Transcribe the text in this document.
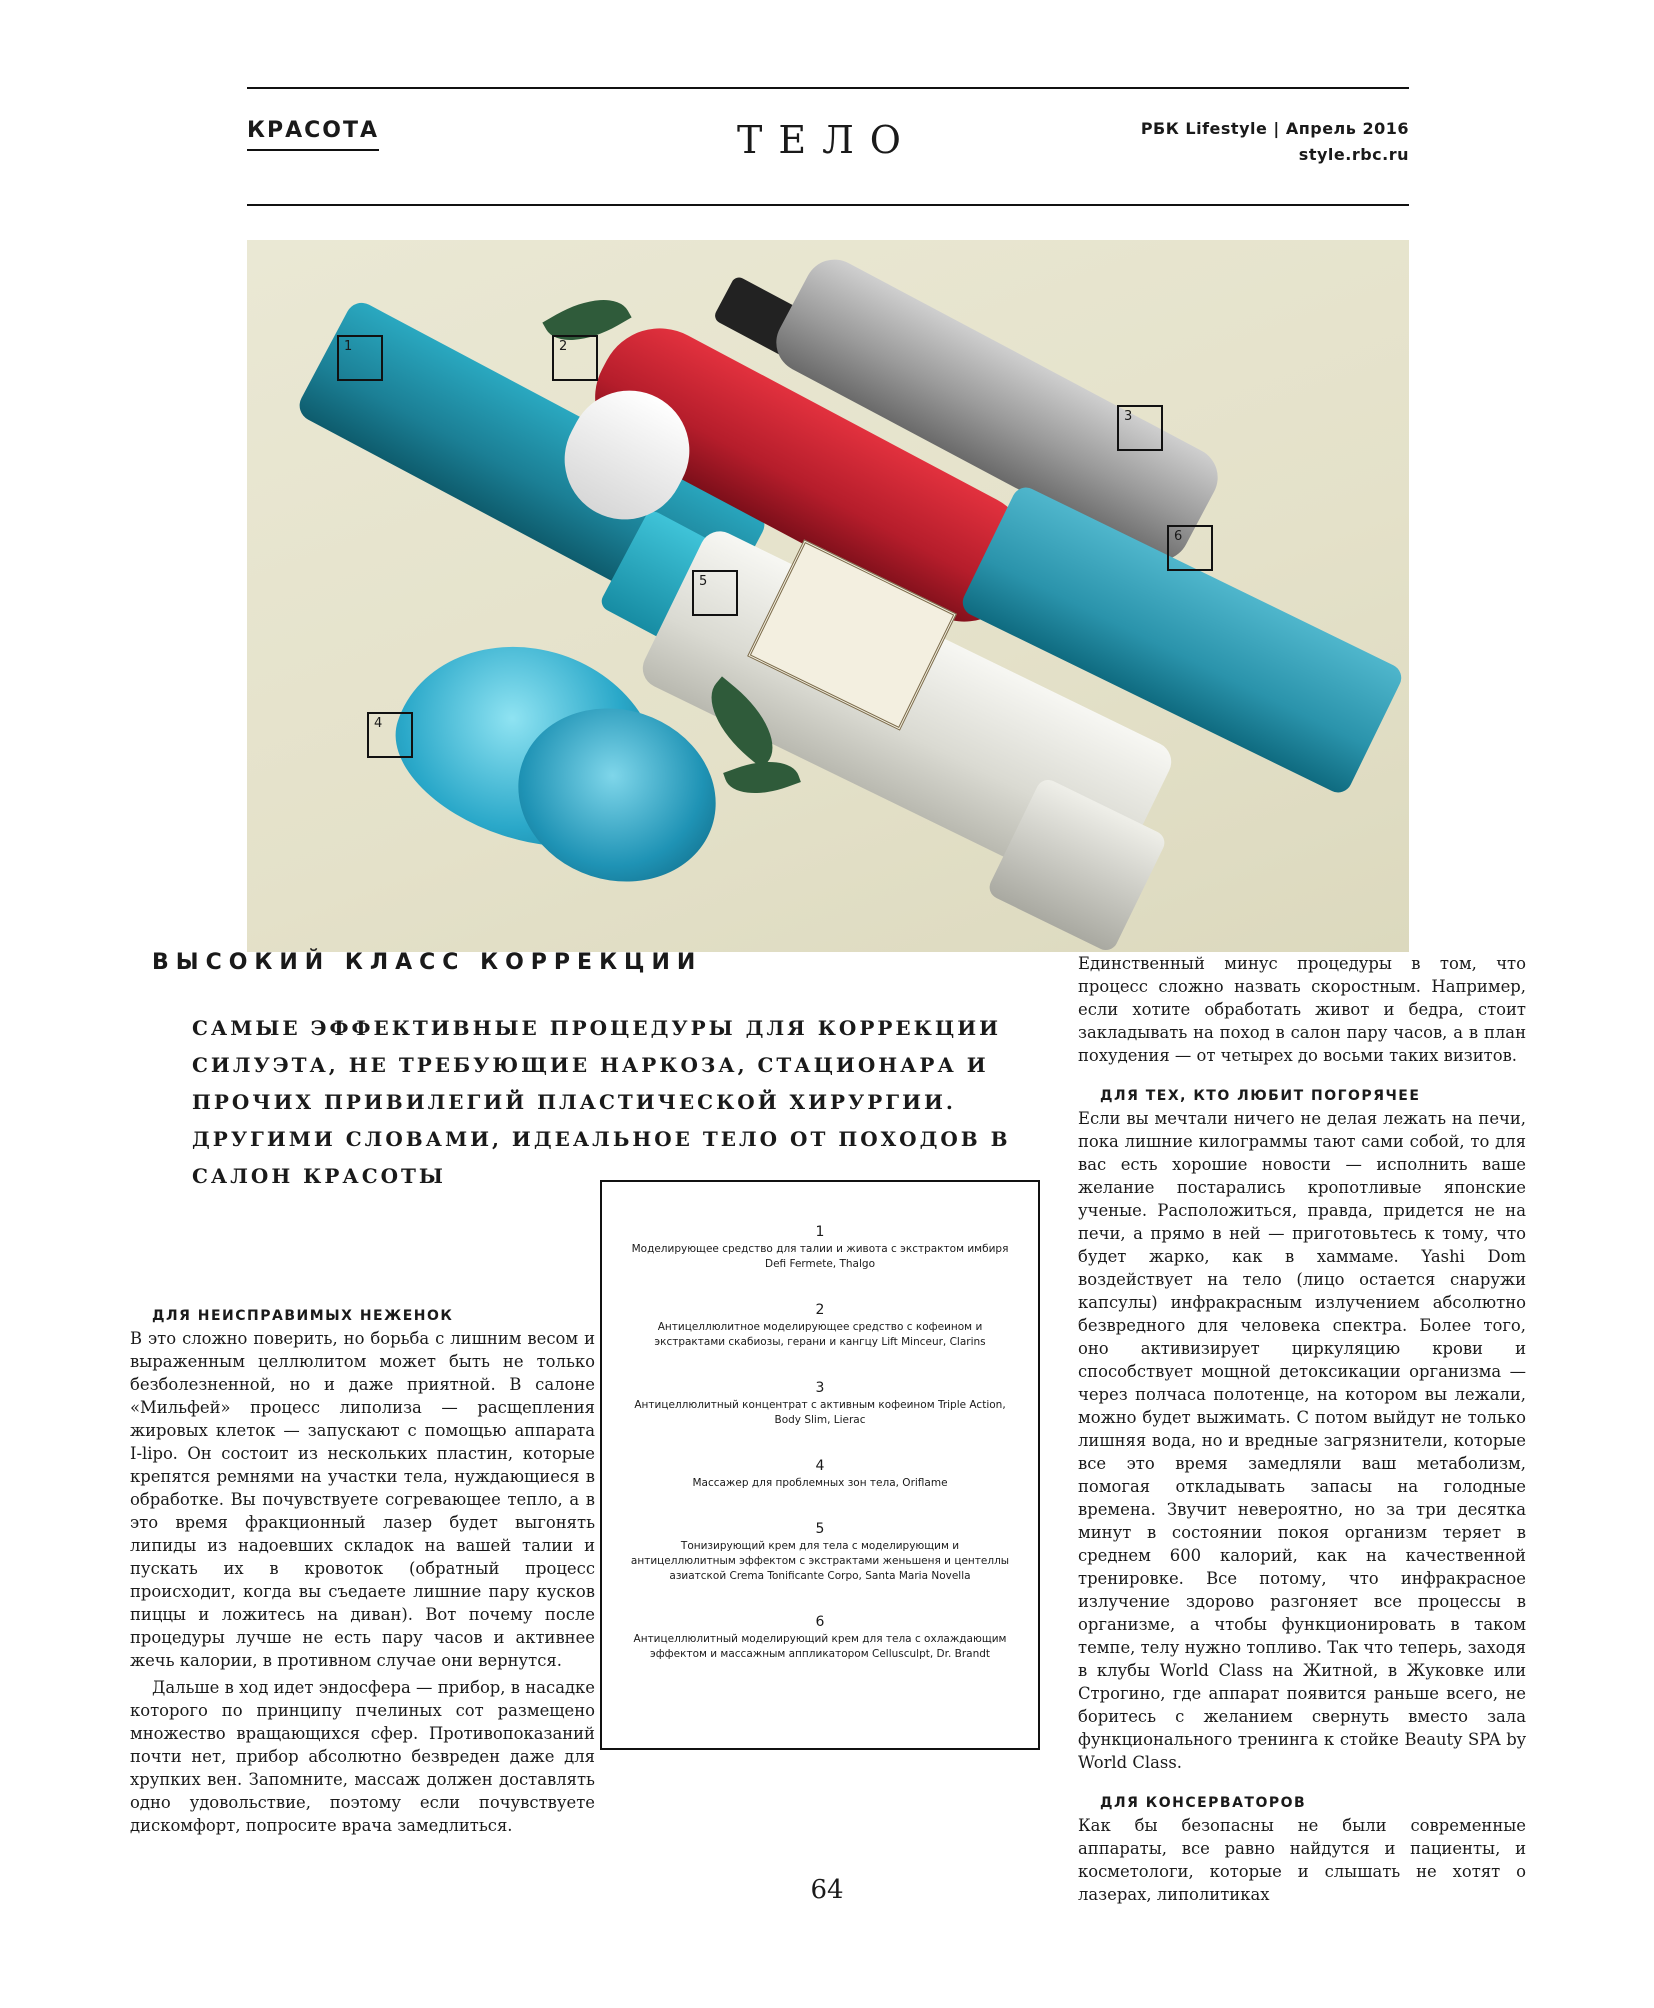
КРАСОТА	ТЕЛО	РБК Lifestyle | Апрель 2016
style.rbc.ru
1	2
3
4
5
6
ВЫСОКИЙ КЛАСС КОРРЕКЦИИ
САМЫЕ ЭФФЕКТИВНЫЕ ПРОЦЕДУРЫ ДЛЯ КОРРЕКЦИИ СИЛУЭТА, НЕ ТРЕБУЮЩИЕ НАРКОЗА, СТАЦИОНАРА И ПРОЧИХ ПРИВИЛЕГИЙ ПЛАСТИЧЕСКОЙ ХИРУРГИИ. ДРУГИМИ СЛОВАМИ, ИДЕАЛЬНОЕ ТЕЛО ОТ ПОХОДОВ В САЛОН КРАСОТЫ
ДЛЯ НЕИСПРАВИМЫХ НЕЖЕНОК

В это сложно поверить, но борьба с лишним весом и выраженным целлюлитом может быть не только безболезненной, но и даже приятной. В салоне «Мильфей» процесс липолиза — расщепления жировых клеток — запускают с помощью аппарата I-lipo. Он состоит из нескольких пластин, которые крепятся ремнями на участки тела, нуждающиеся в обработке. Вы почувствуете согревающее тепло, а в это время фракционный лазер будет выгонять липиды из надоевших складок на вашей талии и пускать их в кровоток (обратный процесс происходит, когда вы съедаете лишние пару кусков пиццы и ложитесь на диван). Вот почему после процедуры лучше не есть пару часов и активнее жечь калории, в противном случае они вернутся.

Дальше в ход идет эндосфера — прибор, в насадке которого по принципу пчелиных сот размещено множество вращающихся сфер. Противопоказаний почти нет, прибор абсолютно безвреден даже для хрупких вен. Запомните, массаж должен доставлять одно удовольствие, поэтому если почувствуете дискомфорт, попросите врача замедлиться.

1
Моделирующее средство для талии и живота с экстрактом имбиря Defi Fermete, Thalgo
2
Антицеллюлитное моделирующее средство с кофеином и экстрактами скабиозы, герани и кангцу Lift Minceur, Clarins
3
Антицеллюлитный концентрат с активным кофеином Triple Action, Body Slim, Lierac
4
Массажер для проблемных зон тела, Oriflame
5
Тонизирующий крем для тела с моделирующим и антицеллюлитным эффектом с экстрактами женьшеня и центеллы азиатской Crema Tonificante Corpo, Santa Maria Novella
6
Антицеллюлитный моделирующий крем для тела с охлаждающим эффектом и массажным аппликатором Cellusculpt, Dr. Brandt

Единственный минус процедуры в том, что процесс сложно назвать скоростным. Например, если хотите обработать живот и бедра, стоит закладывать на поход в салон пару часов, а в план похудения — от четырех до восьми таких визитов.

ДЛЯ ТЕХ, КТО ЛЮБИТ ПОГОРЯЧЕЕ

Если вы мечтали ничего не делая лежать на печи, пока лишние килограммы тают сами собой, то для вас есть хорошие новости — исполнить ваше желание постарались кропотливые японские ученые. Расположиться, правда, придется не на печи, а прямо в ней — приготовьтесь к тому, что будет жарко, как в хаммаме. Yashi Dom воздействует на тело (лицо остается снаружи капсулы) инфракрасным излучением абсолютно безвредного для человека спектра. Более того, оно активизирует циркуляцию крови и способствует мощной детоксикации организма — через полчаса полотенце, на котором вы лежали, можно будет выжимать. С потом выйдут не только лишняя вода, но и вредные загрязнители, которые все это время замедляли ваш метаболизм, помогая откладывать запасы на голодные времена. Звучит невероятно, но за три десятка минут в состоянии покоя организм теряет в среднем 600 калорий, как на качественной тренировке. Все потому, что инфракрасное излучение здорово разгоняет все процессы в организме, а чтобы функционировать в таком темпе, телу нужно топливо. Так что теперь, заходя в клубы World Class на Житной, в Жуковке или Строгино, где аппарат появится раньше всего, не боритесь с желанием свернуть вместо зала функционального тренинга к стойке Beauty SPA by World Class.

ДЛЯ КОНСЕРВАТОРОВ

Как бы безопасны не были современные аппараты, все равно найдутся и пациенты, и косметологи, которые и слышать не хотят о лазерах, липолитиках

64
